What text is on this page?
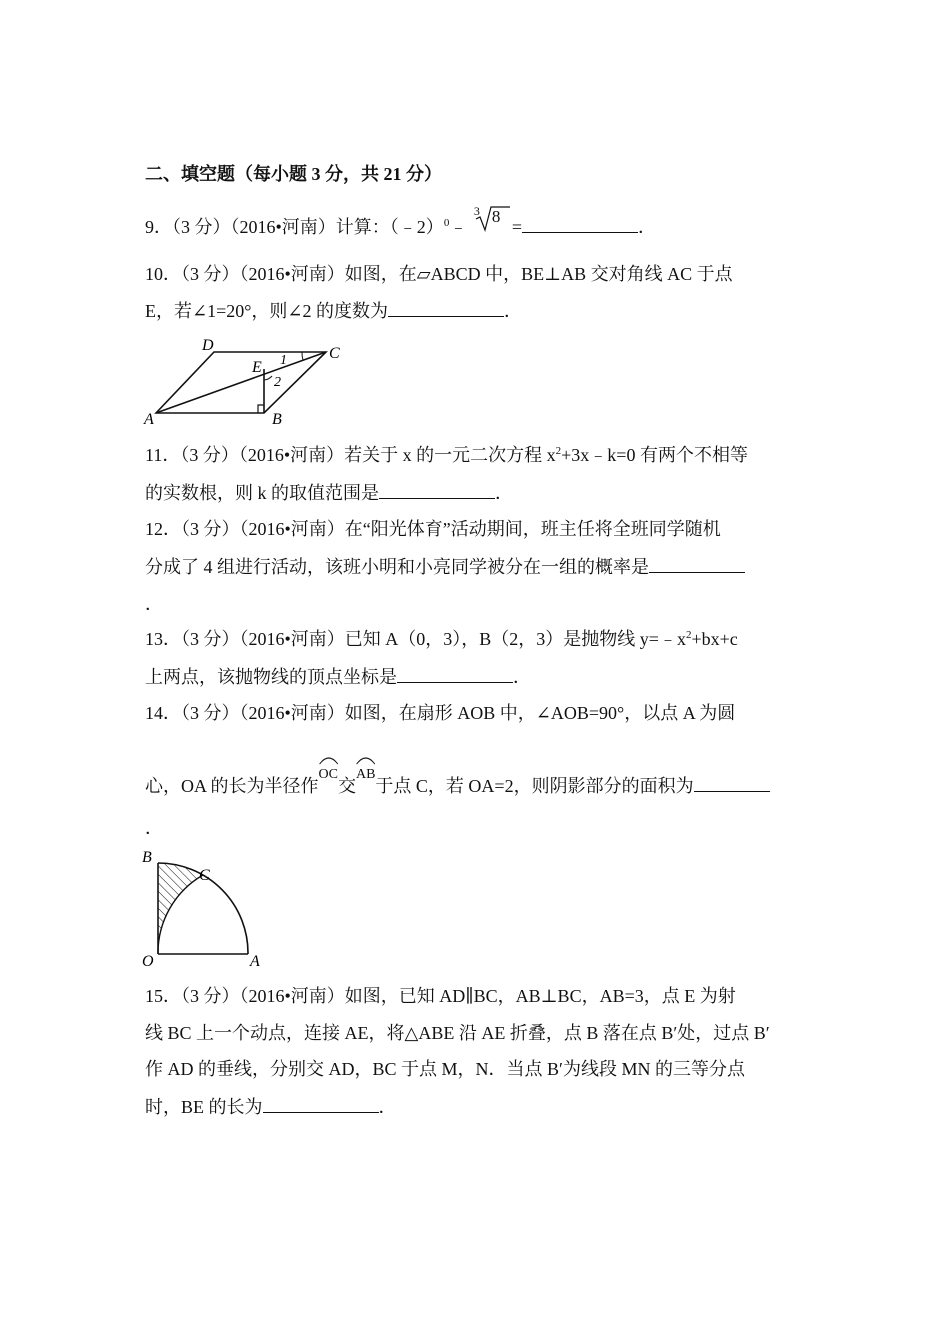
二、填空题（每小题 3 分，共 21 分）
9．（3 分）（2016•河南）计算：（﹣2）$^0$﹣
3 8
=	．
10．（3 分）（2016•河南）如图，在▱ABCD 中，BE⊥AB 交对角线 AC 于点
E，若∠1=20°，则∠2 的度数为	．
D	C
E
A	B
1
2
11．（3 分）（2016•河南）若关于 x 的一元二次方程 $x^2+3x﹣k=0$ 有两个不相等
的实数根，则 k 的取值范围是	．
12．（3 分）（2016•河南）在“阳光体育”活动期间，班主任将全班同学随机
分成了 4 组进行活动，该班小明和小亮同学被分在一组的概率是
．
13．（3 分）（2016•河南）已知 A（0，3），B（2，3）是抛物线 $y=﹣x^2+bx+c$
上两点，该抛物线的顶点坐标是	．
14．（3 分）（2016•河南）如图，在扇形 AOB 中，∠AOB=90°，以点 A 为圆
心，OA 的长为半径作
OC交
AB于点 C，若 OA=2，则阴影部分的面积为
．
B
C
O	A
15．（3 分）（2016•河南）如图，已知 AD∥BC，AB⊥BC，AB=3，点 E 为射
线 BC 上一个动点，连接 AE，将△ABE 沿 AE 折叠，点 B 落在点 B′处，过点 B′
作 AD 的垂线，分别交 AD，BC 于点 M，N．当点 B′为线段 MN 的三等分点
时，BE 的长为	．
